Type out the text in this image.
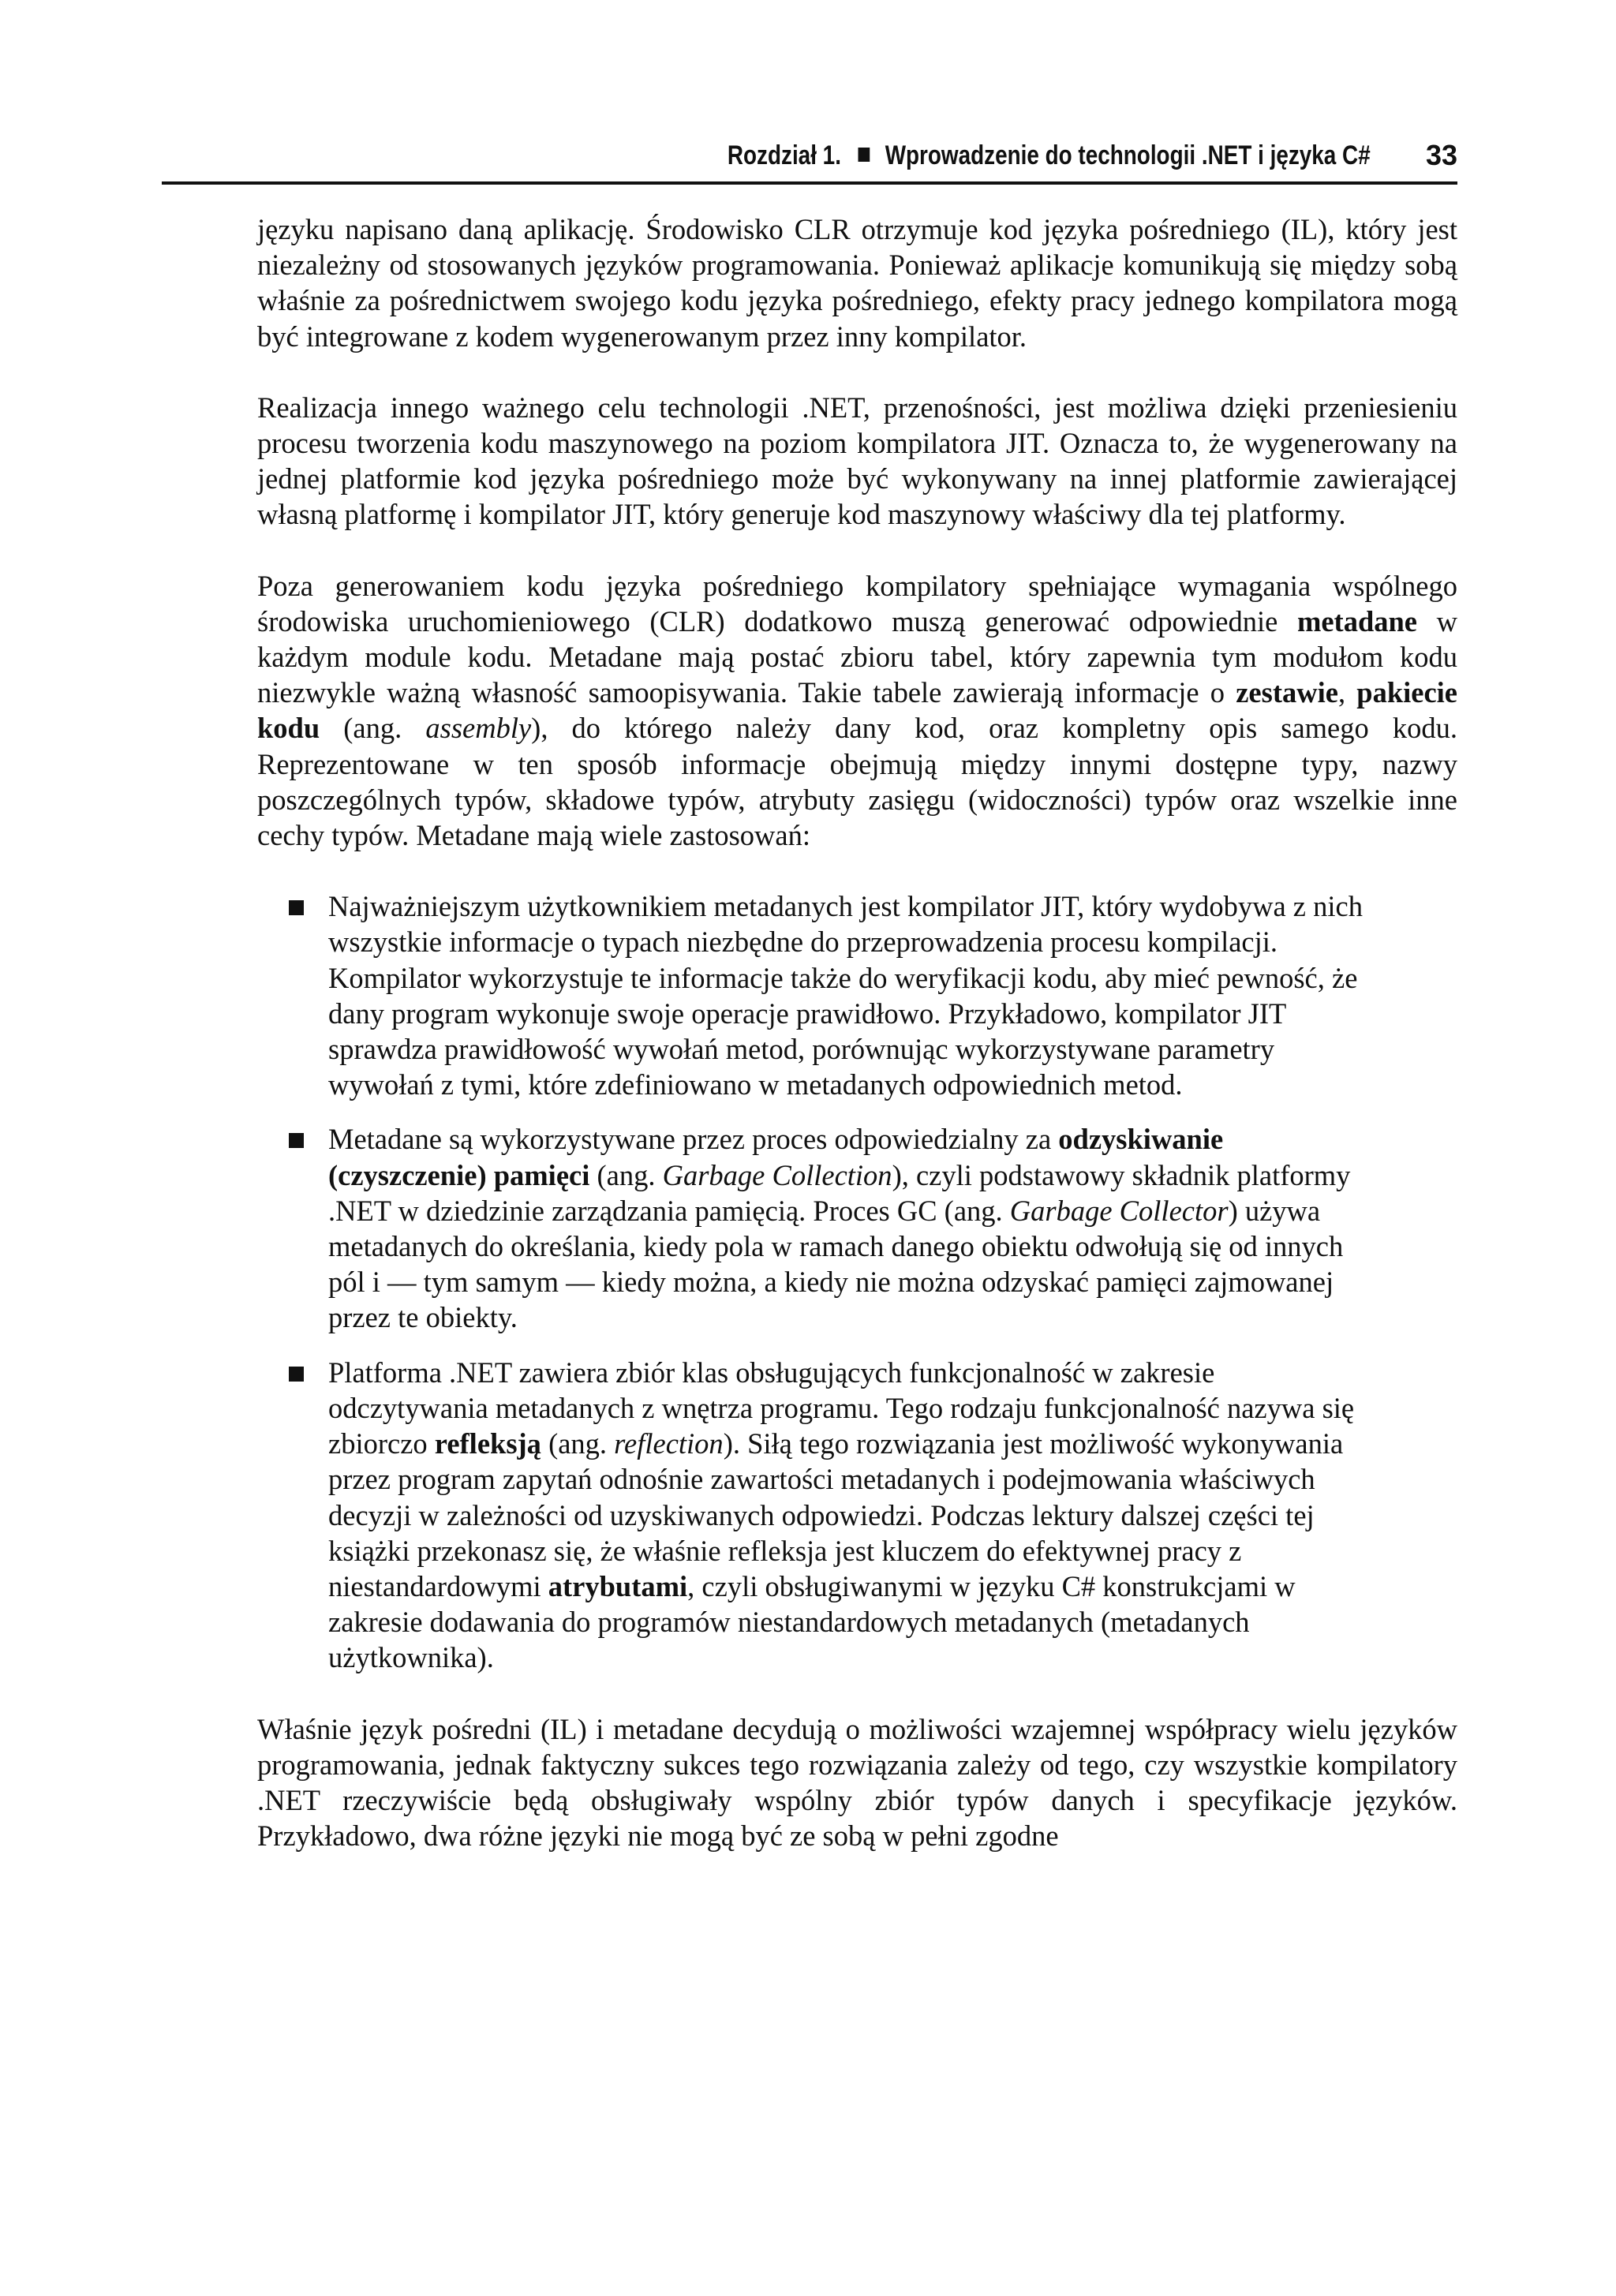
Rozdział 1. Wprowadzenie do technologii .NET i języka C# 33

języku napisano daną aplikację. Środowisko CLR otrzymuje kod języka pośredniego (IL), który jest niezależny od stosowanych języków programowania. Ponieważ aplikacje komunikują się między sobą właśnie za pośrednictwem swojego kodu języka pośredniego, efekty pracy jednego kompilatora mogą być integrowane z kodem wygenerowanym przez inny kompilator.

Realizacja innego ważnego celu technologii .NET, przenośności, jest możliwa dzięki przeniesieniu procesu tworzenia kodu maszynowego na poziom kompilatora JIT. Oznacza to, że wygenerowany na jednej platformie kod języka pośredniego może być wykonywany na innej platformie zawierającej własną platformę i kompilator JIT, który generuje kod maszynowy właściwy dla tej platformy.

Poza generowaniem kodu języka pośredniego kompilatory spełniające wymagania wspólnego środowiska uruchomieniowego (CLR) dodatkowo muszą generować odpowiednie metadane w każdym module kodu. Metadane mają postać zbioru tabel, który zapewnia tym modułom kodu niezwykle ważną własność samoopisywania. Takie tabele zawierają informacje o zestawie, pakiecie kodu (ang. assembly), do którego należy dany kod, oraz kompletny opis samego kodu. Reprezentowane w ten sposób informacje obejmują między innymi dostępne typy, nazwy poszczególnych typów, składowe typów, atrybuty zasięgu (widoczności) typów oraz wszelkie inne cechy typów. Metadane mają wiele zastosowań:

Najważniejszym użytkownikiem metadanych jest kompilator JIT, który wydobywa z nich wszystkie informacje o typach niezbędne do przeprowadzenia procesu kompilacji. Kompilator wykorzystuje te informacje także do weryfikacji kodu, aby mieć pewność, że dany program wykonuje swoje operacje prawidłowo. Przykładowo, kompilator JIT sprawdza prawidłowość wywołań metod, porównując wykorzystywane parametry wywołań z tymi, które zdefiniowano w metadanych odpowiednich metod.
Metadane są wykorzystywane przez proces odpowiedzialny za odzyskiwanie (czyszczenie) pamięci (ang. Garbage Collection), czyli podstawowy składnik platformy .NET w dziedzinie zarządzania pamięcią. Proces GC (ang. Garbage Collector) używa metadanych do określania, kiedy pola w ramach danego obiektu odwołują się od innych pól i — tym samym — kiedy można, a kiedy nie można odzyskać pamięci zajmowanej przez te obiekty.
Platforma .NET zawiera zbiór klas obsługujących funkcjonalność w zakresie odczytywania metadanych z wnętrza programu. Tego rodzaju funkcjonalność nazywa się zbiorczo refleksją (ang. reflection). Siłą tego rozwiązania jest możliwość wykonywania przez program zapytań odnośnie zawartości metadanych i podejmowania właściwych decyzji w zależności od uzyskiwanych odpowiedzi. Podczas lektury dalszej części tej książki przekonasz się, że właśnie refleksja jest kluczem do efektywnej pracy z niestandardowymi atrybutami, czyli obsługiwanymi w języku C# konstrukcjami w zakresie dodawania do programów niestandardowych metadanych (metadanych użytkownika).

Właśnie język pośredni (IL) i metadane decydują o możliwości wzajemnej współpracy wielu języków programowania, jednak faktyczny sukces tego rozwiązania zależy od tego, czy wszystkie kompilatory .NET rzeczywiście będą obsługiwały wspólny zbiór typów danych i specyfikacje języków. Przykładowo, dwa różne języki nie mogą być ze sobą w pełni zgodne
